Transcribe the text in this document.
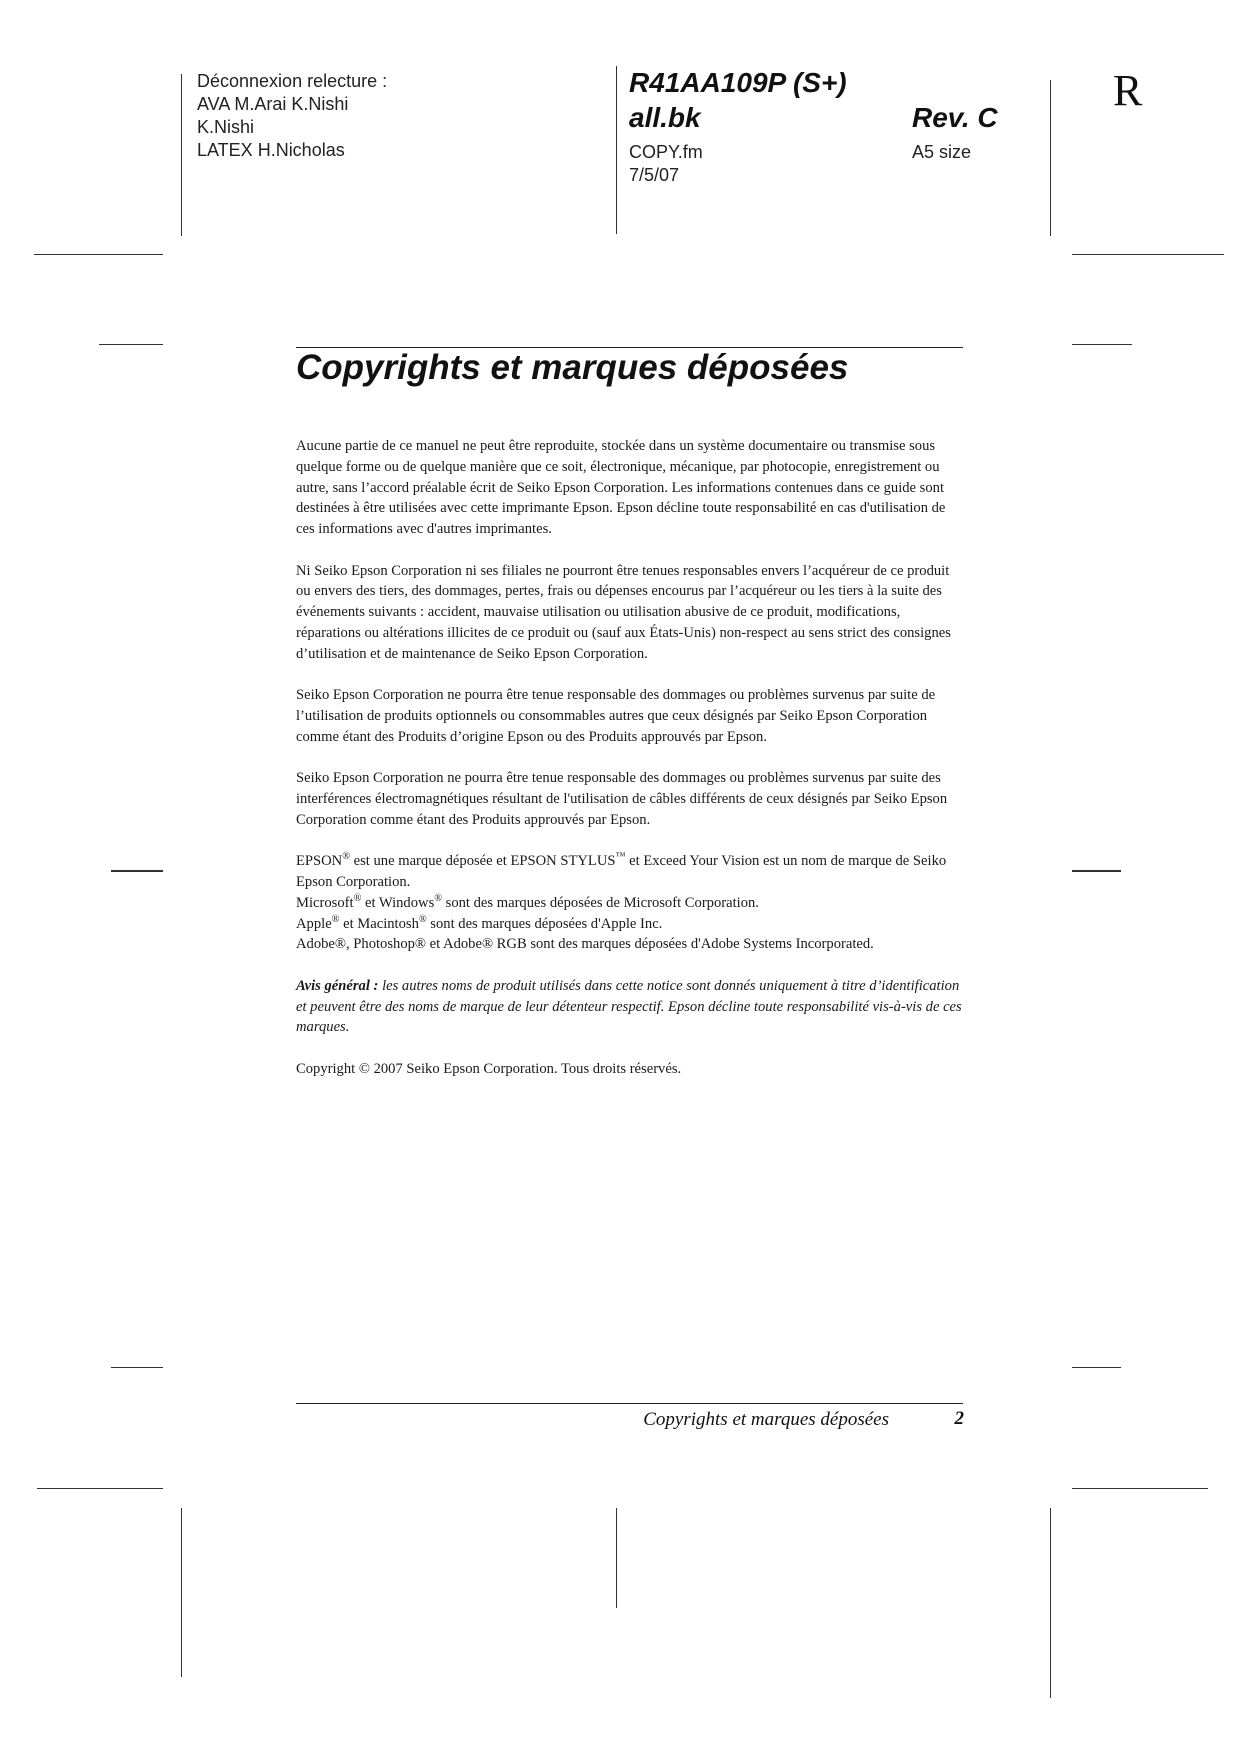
Déconnexion relecture :
AVA M.Arai K.Nishi
K.Nishi
LATEX H.Nicholas
R41AA109P (S+)
all.bk
COPY.fm
7/5/07
Rev. C
A5 size
R
Copyrights et marques déposées

Aucune partie de ce manuel ne peut être reproduite, stockée dans un système documentaire ou transmise sous quelque forme ou de quelque manière que ce soit, électronique, mécanique, par photocopie, enregistrement ou autre, sans l’accord préalable écrit de Seiko Epson Corporation. Les informations contenues dans ce guide sont destinées à être utilisées avec cette imprimante Epson. Epson décline toute responsabilité en cas d'utilisation de ces informations avec d'autres imprimantes.

Ni Seiko Epson Corporation ni ses filiales ne pourront être tenues responsables envers l’acquéreur de ce produit ou envers des tiers, des dommages, pertes, frais ou dépenses encourus par l’acquéreur ou les tiers à la suite des événements suivants : accident, mauvaise utilisation ou utilisation abusive de ce produit, modifications, réparations ou altérations illicites de ce produit ou (sauf aux États-Unis) non-respect au sens strict des consignes d’utilisation et de maintenance de Seiko Epson Corporation.

Seiko Epson Corporation ne pourra être tenue responsable des dommages ou problèmes survenus par suite de l’utilisation de produits optionnels ou consommables autres que ceux désignés par Seiko Epson Corporation comme étant des Produits d’origine Epson ou des Produits approuvés par Epson.

Seiko Epson Corporation ne pourra être tenue responsable des dommages ou problèmes survenus par suite des interférences électromagnétiques résultant de l'utilisation de câbles différents de ceux désignés par Seiko Epson Corporation comme étant des Produits approuvés par Epson.

EPSON® est une marque déposée et EPSON STYLUS™ et Exceed Your Vision est un nom de marque de Seiko Epson Corporation.
Microsoft® et Windows® sont des marques déposées de Microsoft Corporation.
Apple® et Macintosh® sont des marques déposées d'Apple Inc.
Adobe®, Photoshop® et Adobe® RGB sont des marques déposées d'Adobe Systems Incorporated.

Avis général : les autres noms de produit utilisés dans cette notice sont donnés uniquement à titre d’identification et peuvent être des noms de marque de leur détenteur respectif. Epson décline toute responsabilité vis-à-vis de ces marques.

Copyright © 2007 Seiko Epson Corporation. Tous droits réservés.

Copyrights et marques déposées	2
